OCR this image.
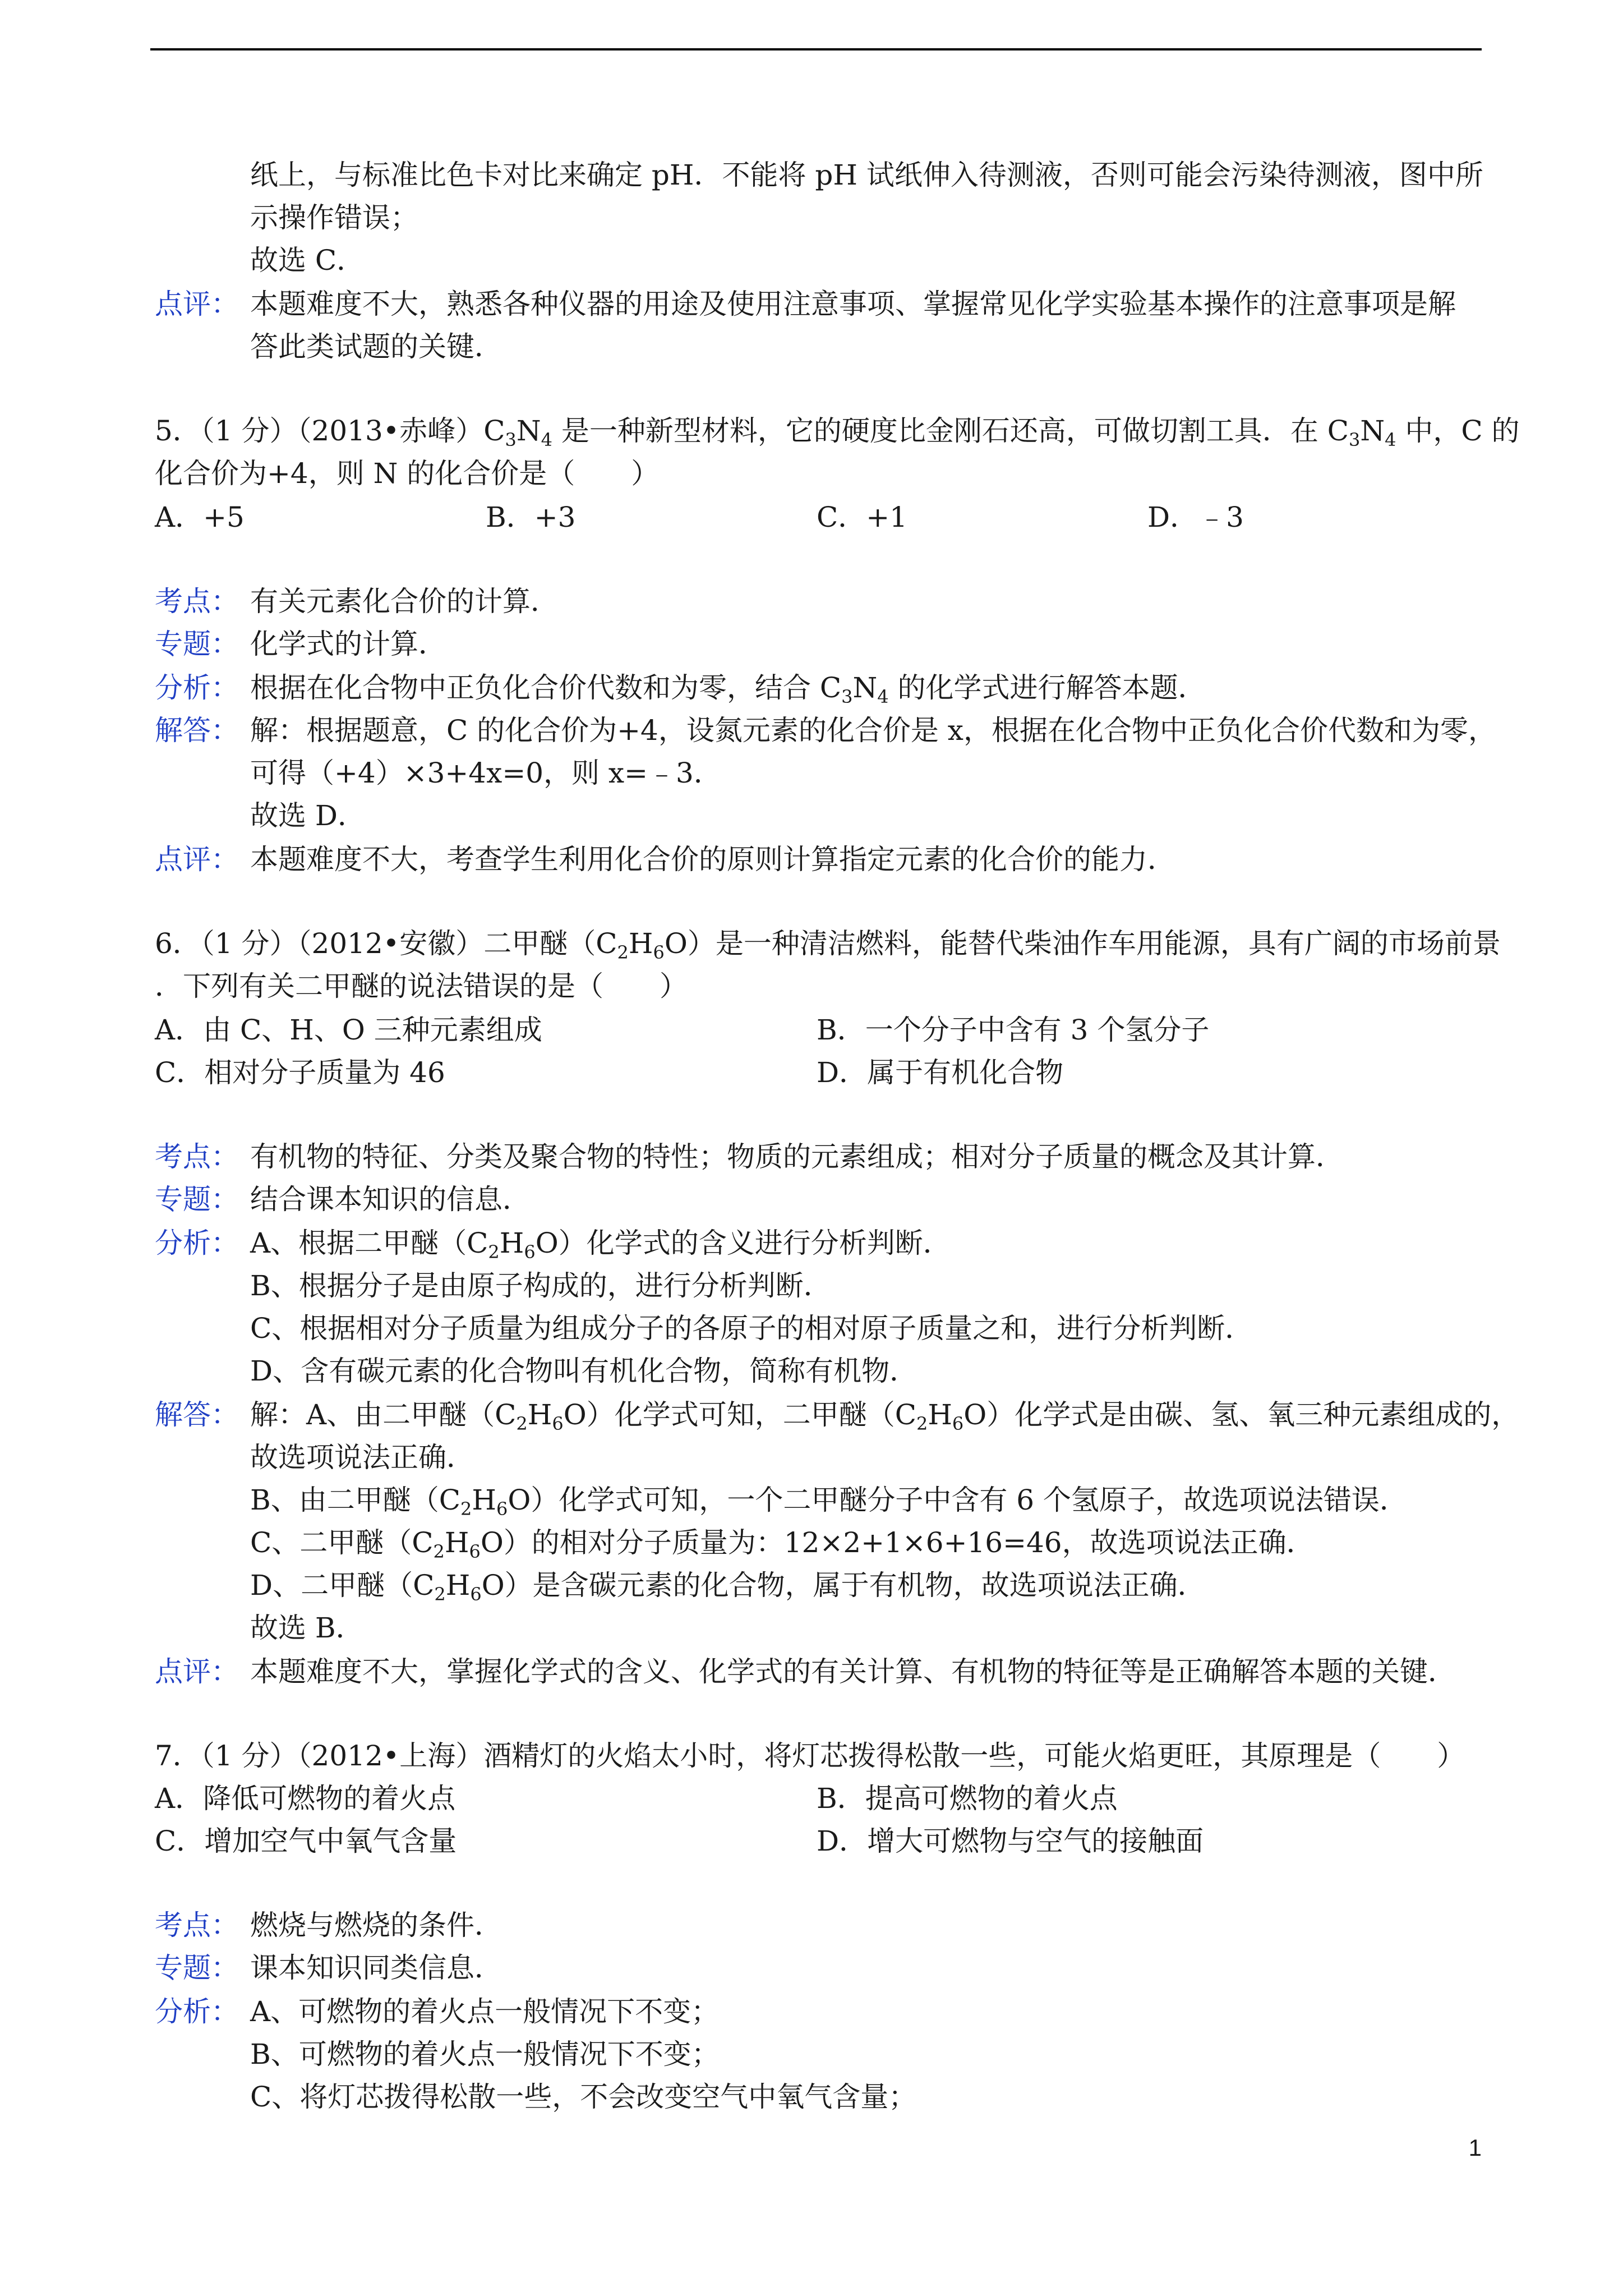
纸上，与标准比色卡对比来确定 pH．不能将 pH 试纸伸入待测液，否则可能会污染待测液，图中所
示操作错误；
故选 C．
点评： 本题难度不大，熟悉各种仪器的用途及使用注意事项、掌握常见化学实验基本操作的注意事项是解
答此类试题的关键．
5．（1 分）（2013•赤峰）$C_3N_4$ 是一种新型材料，它的硬度比金刚石还高，可做切割工具．在 $C_3N_4$ 中，C 的
化合价为+4，则 N 的化合价是（　　）
A．+5	B．+3	C．+1	D．﹣3
考点： 有关元素化合价的计算．
专题： 化学式的计算．
分析： 根据在化合物中正负化合价代数和为零，结合 $C_3N_4$ 的化学式进行解答本题．
解答： 解：根据题意，C 的化合价为+4，设氮元素的化合价是 x，根据在化合物中正负化合价代数和为零，
可得（+4）×3+4x=0，则 x=﹣3．
故选 D．
点评： 本题难度不大，考查学生利用化合价的原则计算指定元素的化合价的能力．
6．（1 分）（2012•安徽）二甲醚$(C_2H_6O)$是一种清洁燃料，能替代柴油作车用能源，具有广阔的市场前景
．下列有关二甲醚的说法错误的是（　　）
A．由 C、H、O 三种元素组成	B．一个分子中含有 3 个氢分子
C．相对分子质量为 46	D．属于有机化合物
考点： 有机物的特征、分类及聚合物的特性；物质的元素组成；相对分子质量的概念及其计算．
专题： 结合课本知识的信息．
分析： A、根据二甲醚$(C_2H_6O)$化学式的含义进行分析判断．
B、根据分子是由原子构成的，进行分析判断．
C、根据相对分子质量为组成分子的各原子的相对原子质量之和，进行分析判断．
D、含有碳元素的化合物叫有机化合物，简称有机物．
解答： 解：A、由二甲醚$(C_2H_6O)$化学式可知，二甲醚$(C_2H_6O)$化学式是由碳、氢、氧三种元素组成的，
故选项说法正确．
B、由二甲醚$(C_2H_6O)$化学式可知，一个二甲醚分子中含有 6 个氢原子，故选项说法错误．
C、二甲醚$(C_2H_6O)$的相对分子质量为：12×2+1×6+16=46，故选项说法正确．
D、二甲醚$(C_2H_6O)$是含碳元素的化合物，属于有机物，故选项说法正确．
故选 B．
点评： 本题难度不大，掌握化学式的含义、化学式的有关计算、有机物的特征等是正确解答本题的关键．
7．（1 分）（2012•上海）酒精灯的火焰太小时，将灯芯拨得松散一些，可能火焰更旺，其原理是（　　）
A．降低可燃物的着火点	B．提高可燃物的着火点
C．增加空气中氧气含量	D．增大可燃物与空气的接触面
考点： 燃烧与燃烧的条件．
专题： 课本知识同类信息．
分析： A、可燃物的着火点一般情况下不变；
B、可燃物的着火点一般情况下不变；
C、将灯芯拨得松散一些，不会改变空气中氧气含量；
1
